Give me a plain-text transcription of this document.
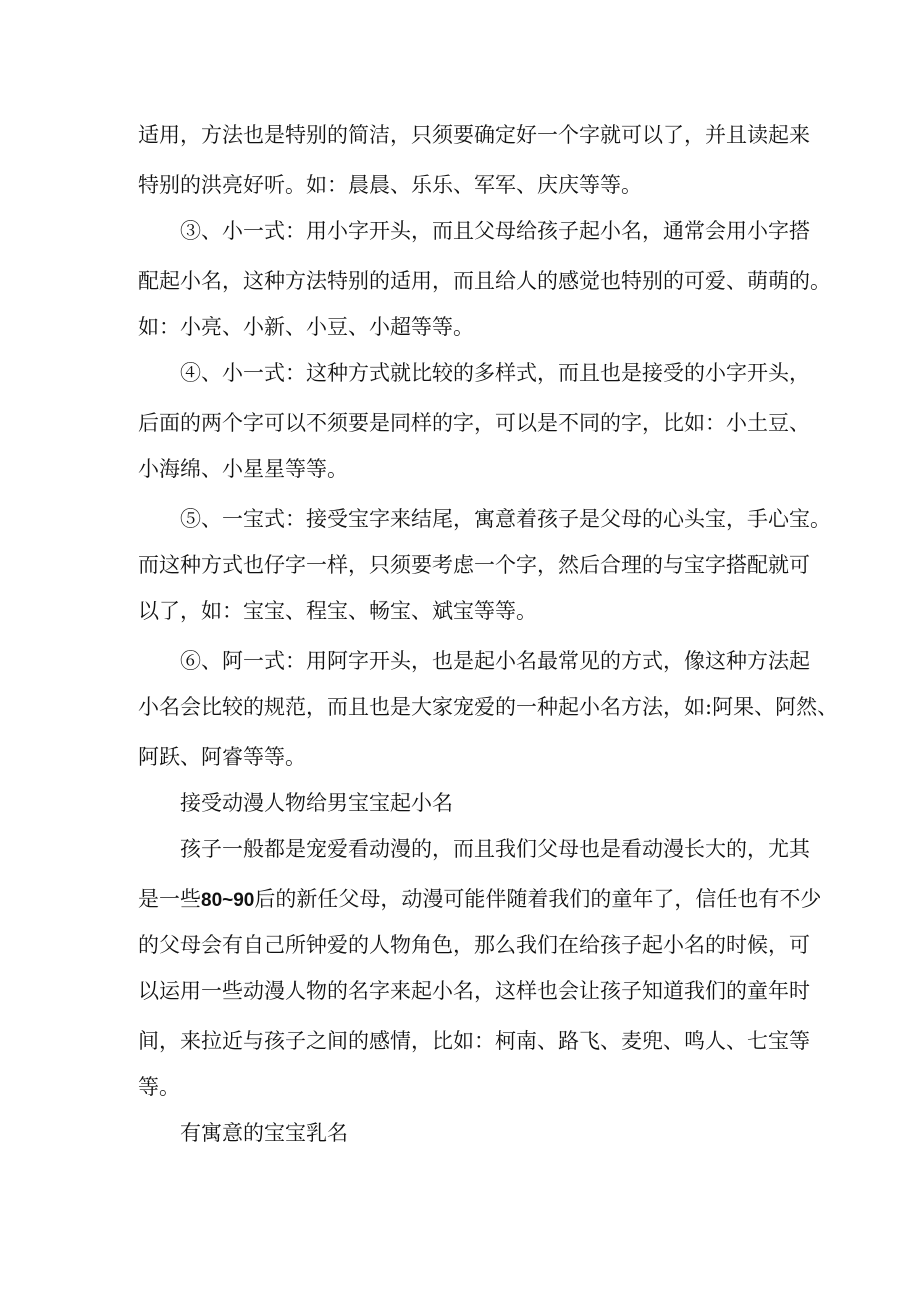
适用，方法也是特别的简洁，只须要确定好一个字就可以了，并且读起来
特别的洪亮好听。如：晨晨、乐乐、军军、庆庆等等。
③、小一式：用小字开头，而且父母给孩子起小名，通常会用小字搭
配起小名，这种方法特别的适用，而且给人的感觉也特别的可爱、萌萌的。
如：小亮、小新、小豆、小超等等。
④、小一式：这种方式就比较的多样式，而且也是接受的小字开头，
后面的两个字可以不须要是同样的字，可以是不同的字，比如：小土豆、
小海绵、小星星等等。
⑤、一宝式：接受宝字来结尾，寓意着孩子是父母的心头宝，手心宝。
而这种方式也仔字一样，只须要考虑一个字，然后合理的与宝字搭配就可
以了，如：宝宝、程宝、畅宝、斌宝等等。
⑥、阿一式：用阿字开头，也是起小名最常见的方式，像这种方法起
小名会比较的规范，而且也是大家宠爱的一种起小名方法，如:阿果、阿然、
阿跃、阿睿等等。
接受动漫人物给男宝宝起小名
孩子一般都是宠爱看动漫的，而且我们父母也是看动漫长大的，尤其
是一些80~90后的新任父母，动漫可能伴随着我们的童年了，信任也有不少
的父母会有自己所钟爱的人物角色，那么我们在给孩子起小名的时候，可
以运用一些动漫人物的名字来起小名，这样也会让孩子知道我们的童年时
间，来拉近与孩子之间的感情，比如：柯南、路飞、麦兜、鸣人、七宝等
等。
有寓意的宝宝乳名
